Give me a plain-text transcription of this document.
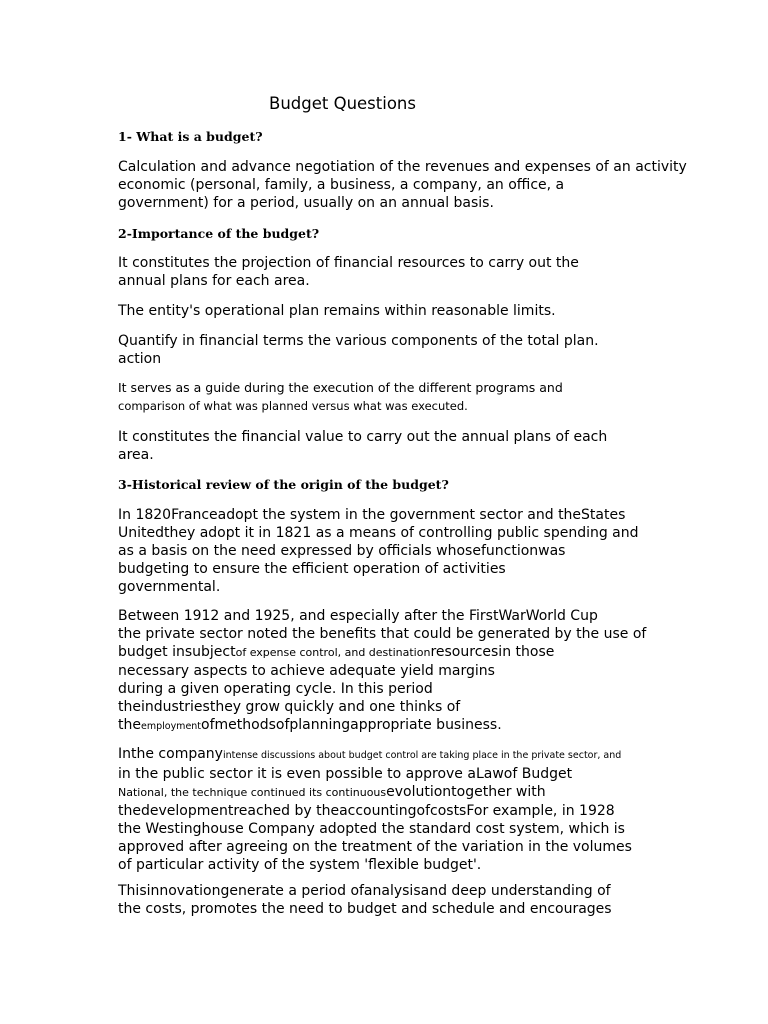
Budget Questions
1- What is a budget?
Calculation and advance negotiation of the revenues and expenses of an activity
economic (personal, family, a business, a company, an office, a
government) for a period, usually on an annual basis.
2-Importance of the budget?
It constitutes the projection of financial resources to carry out the
annual plans for each area.
The entity's operational plan remains within reasonable limits.
Quantify in financial terms the various components of the total plan.
action
It serves as a guide during the execution of the different programs and
comparison of what was planned versus what was executed.
It constitutes the financial value to carry out the annual plans of each
area.
3-Historical review of the origin of the budget?
In 1820Franceadopt the system in the government sector and theStates
Unitedthey adopt it in 1821 as a means of controlling public spending and
as a basis on the need expressed by officials whosefunctionwas
budgeting to ensure the efficient operation of activities
governmental.
Between 1912 and 1925, and especially after the FirstWarWorld Cup
the private sector noted the benefits that could be generated by the use of
budget insubjectof expense control, and destinationresourcesin those
necessary aspects to achieve adequate yield margins
during a given operating cycle. In this period
theindustriesthey grow quickly and one thinks of
theemploymentofmethodsofplanningappropriate business.
Inthe companyintense discussions about budget control are taking place in the private sector, and
in the public sector it is even possible to approve aLawof Budget
National, the technique continued its continuousevolutiontogether with
thedevelopmentreached by theaccountingofcostsFor example, in 1928
the Westinghouse Company adopted the standard cost system, which is
approved after agreeing on the treatment of the variation in the volumes
of particular activity of the system 'flexible budget'.
Thisinnovationgenerate a period ofanalysisand deep understanding of
the costs, promotes the need to budget and schedule and encourages
